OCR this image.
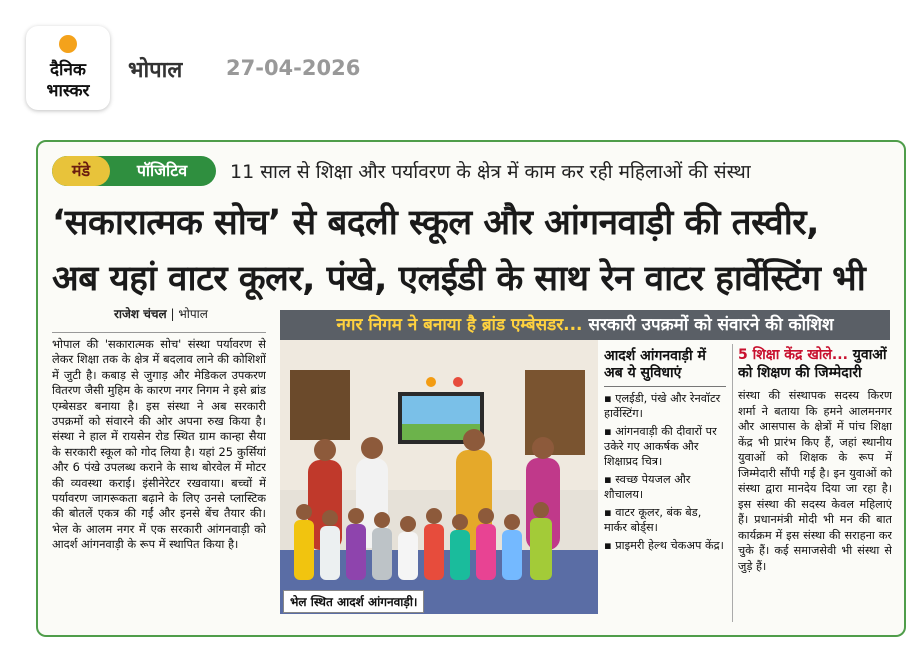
दैनिक
भास्कर
भोपाल 27-04-2026
मंडे	पॉजिटिव	11 साल से शिक्षा और पर्यावरण के क्षेत्र में काम कर रही महिलाओं की संस्था
‘सकारात्मक सोच’ से बदली स्कूल और आंगनवाड़ी की तस्वीर,
अब यहां वाटर कूलर, पंखे, एलईडी के साथ रेन वाटर हार्वेस्टिंग भी
राजेश चंचल | भोपाल
भोपाल की 'सकारात्मक सोच' संस्था पर्यावरण से लेकर शिक्षा तक के क्षेत्र में बदलाव लाने की कोशिशों में जुटी है। कबाड़ से जुगाड़ और मेडिकल उपकरण वितरण जैसी मुहिम के कारण नगर निगम ने इसे ब्रांड एम्बेसडर बनाया है। इस संस्था ने अब सरकारी उपक्रमों को संवारने की ओर अपना रुख किया है। संस्था ने हाल में रायसेन रोड स्थित ग्राम कान्हा सैया के सरकारी स्कूल को गोद लिया है। यहां 25 कुर्सियां और 6 पंखे उपलब्ध कराने के साथ बोरवेल में मोटर की व्यवस्था कराई। इंसीनेरेटर रखवाया। बच्चों में पर्यावरण जागरूकता बढ़ाने के लिए उनसे प्लास्टिक की बोतलें एकत्र की गईं और इनसे बेंच तैयार की। भेल के आलम नगर में एक सरकारी आंगनवाड़ी को आदर्श आंगनवाड़ी के रूप में स्थापित किया है।
नगर निगम ने बनाया है ब्रांड एम्बेसडर... सरकारी उपक्रमों को संवारने की कोशिश
भेल स्थित आदर्श आंगनवाड़ी।
आदर्श आंगनवाड़ी में अब ये सुविधाएं
▪ एलईडी, पंखे और रेनवॉटर हार्वेस्टिंग।
▪ आंगनवाड़ी की दीवारों पर उकेरे गए आकर्षक और शिक्षाप्रद चित्र।
▪ स्वच्छ पेयजल और शौचालय।
▪ वाटर कूलर, बंक बेड, मार्कर बोर्ड्स।
▪ प्राइमरी हेल्थ चेकअप केंद्र।
5 शिक्षा केंद्र खोले... युवाओं को शिक्षण की जिम्मेदारी
संस्था की संस्थापक सदस्य किरण शर्मा ने बताया कि हमने आलमनगर और आसपास के क्षेत्रों में पांच शिक्षा केंद्र भी प्रारंभ किए हैं, जहां स्थानीय युवाओं को शिक्षक के रूप में जिम्मेदारी सौंपी गई है। इन युवाओं को संस्था द्वारा मानदेय दिया जा रहा है। इस संस्था की सदस्य केवल महिलाएं हैं। प्रधानमंत्री मोदी भी मन की बात कार्यक्रम में इस संस्था की सराहना कर चुके हैं। कई समाजसेवी भी संस्था से जुड़े हैं।
